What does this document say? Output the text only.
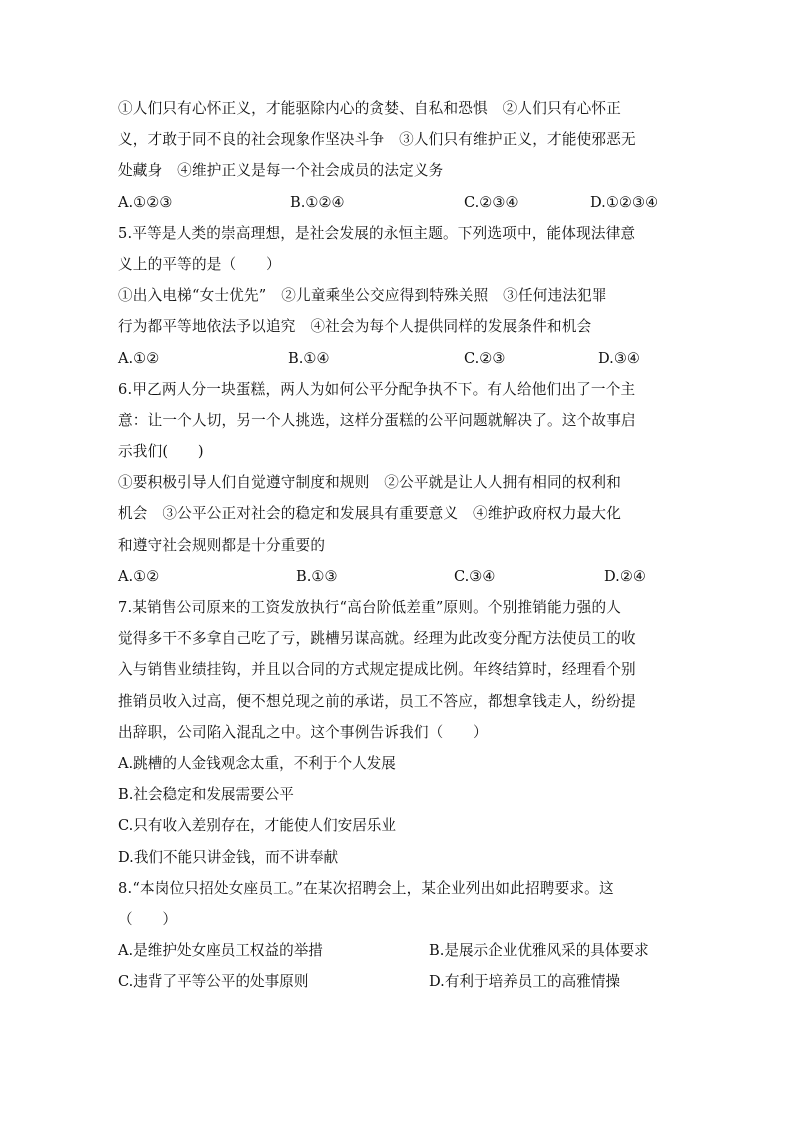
①人们只有心怀正义，才能驱除内心的贪婪、自私和恐惧　②人们只有心怀正
义，才敢于同不良的社会现象作坚决斗争　③人们只有维护正义，才能使邪恶无
处藏身　④维护正义是每一个社会成员的法定义务
A.①②③	B.①②④	C.②③④	D.①②③④
5.平等是人类的崇高理想，是社会发展的永恒主题。下列选项中，能体现法律意
义上的平等的是（　　）
①出入电梯“女士优先”　②儿童乘坐公交应得到特殊关照　③任何违法犯罪
行为都平等地依法予以追究　④社会为每个人提供同样的发展条件和机会
A.①②	B.①④	C.②③	D.③④
6.甲乙两人分一块蛋糕，两人为如何公平分配争执不下。有人给他们出了一个主
意：让一个人切，另一个人挑选，这样分蛋糕的公平问题就解决了。这个故事启
示我们(　　)
①要积极引导人们自觉遵守制度和规则　②公平就是让人人拥有相同的权利和
机会　③公平公正对社会的稳定和发展具有重要意义　④维护政府权力最大化
和遵守社会规则都是十分重要的
A.①②	B.①③	C.③④	D.②④
7.某销售公司原来的工资发放执行“高台阶低差重”原则。个别推销能力强的人
觉得多干不多拿自己吃了亏，跳槽另谋高就。经理为此改变分配方法使员工的收
入与销售业绩挂钩，并且以合同的方式规定提成比例。年终结算时，经理看个别
推销员收入过高，便不想兑现之前的承诺，员工不答应，都想拿钱走人，纷纷提
出辞职，公司陷入混乱之中。这个事例告诉我们（　　）
A.跳槽的人金钱观念太重，不利于个人发展
B.社会稳定和发展需要公平
C.只有收入差别存在，才能使人们安居乐业
D.我们不能只讲金钱，而不讲奉献
8.“本岗位只招处女座员工。”在某次招聘会上，某企业列出如此招聘要求。这
（　　）
A.是维护处女座员工权益的举措	B.是展示企业优雅风采的具体要求
C.违背了平等公平的处事原则	D.有利于培养员工的高雅情操
